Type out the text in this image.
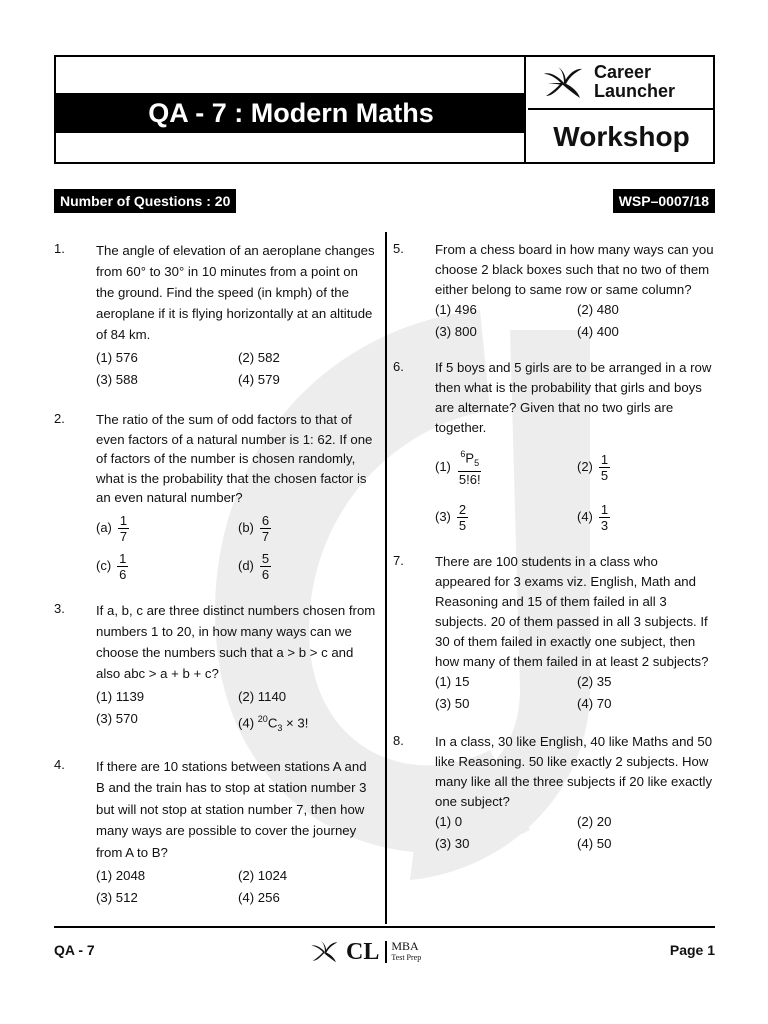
QA - 7 : Modern Maths
Career
Launcher
Workshop
Number of Questions : 20	WSP–0007/18
1. The angle of elevation of an aeroplane changes from 60° to 30° in 10 minutes from a point on the ground. Find the speed (in kmph) of the aeroplane if it is flying horizontally at an altitude of 84 km.
(1) 576	(2) 582
(3) 588	(4) 579
2. The ratio of the sum of odd factors to that of even factors of a natural number is 1: 62. If one of factors of the number is chosen randomly, what is the probability that the chosen factor is an even natural number?
$(a) \frac{1}{7}$	$(b) \frac{6}{7}$
$(c) \frac{1}{6}$	$(d) \frac{5}{6}$
3. If a, b, c are three distinct numbers chosen from numbers 1 to 20, in how many ways can we choose the numbers such that a > b > c and also abc > a + b + c?
(1) 1139	(2) 1140
(3) 570	(4) $^{20}C_3 \times 3$!
4. If there are 10 stations between stations A and B and the train has to stop at station number 3 but will not stop at station number 7, then how many ways are possible to cover the journey from A to B?
(1) 2048	(2) 1024
(3) 512	(4) 256
5. From a chess board in how many ways can you choose 2 black boxes such that no two of them either belong to same row or same column?
(1) 496	(2) 480
(3) 800	(4) 400
6. If 5 boys and 5 girls are to be arranged in a row then what is the probability that girls and boys are alternate? Given that no two girls are together.
$(1) \frac{^6P_5}{5!6!}$	$(2) \frac{1}{5}$
$(3) \frac{2}{5}$	$(4) \frac{1}{3}$
7. There are 100 students in a class who appeared for 3 exams viz. English, Math and Reasoning and 15 of them failed in all 3 subjects. 20 of them passed in all 3 subjects. If 30 of them failed in exactly one subject, then how many of them failed in at least 2 subjects?
(1) 15	(2) 35
(3) 50	(4) 70
8. In a class, 30 like English, 40 like Maths and 50 like Reasoning. 50 like exactly 2 subjects. How many like all the three subjects if 20 like exactly one subject?
(1) 0	(2) 20
(3) 30	(4) 50
QA - 7	CL MBA
Test Prep	Page 1
